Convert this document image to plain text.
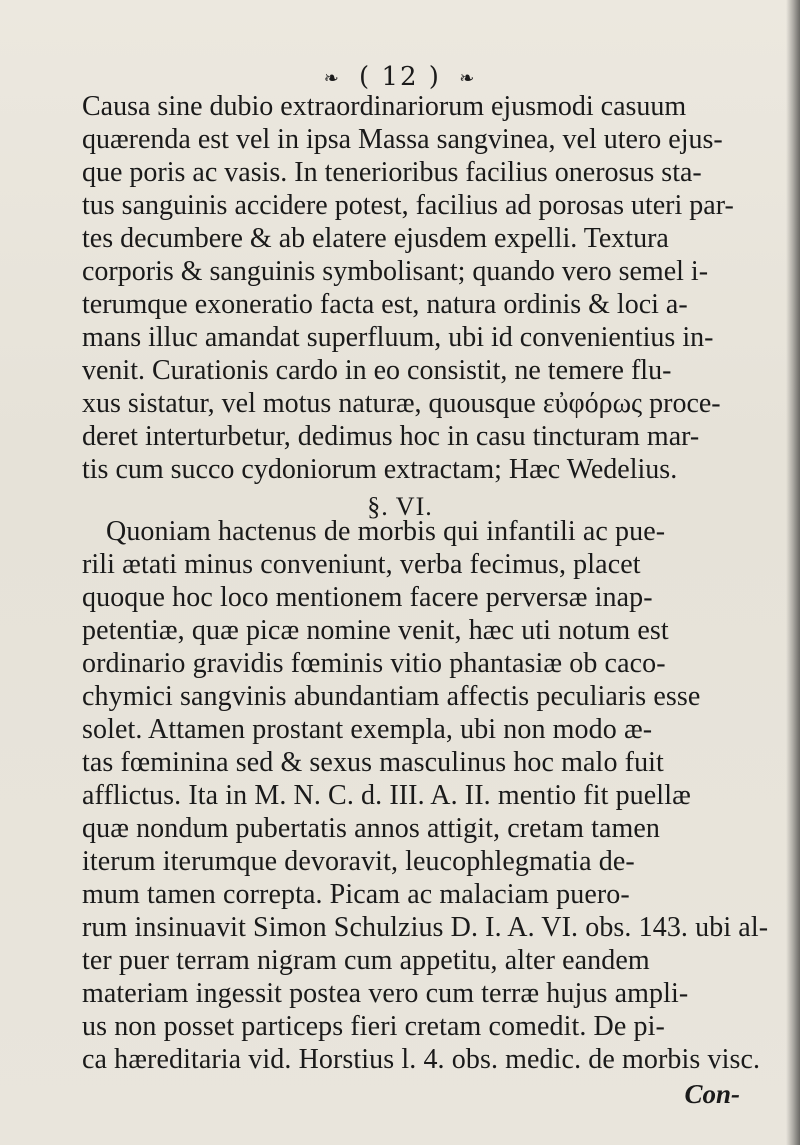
❧ ( 12 ) ❧
Causa sine dubio extraordinariorum ejusmodi casuum
quærenda est vel in ipsa Massa sangvinea, vel utero ejus-
que poris ac vasis. In tenerioribus facilius onerosus sta-
tus sanguinis accidere potest, facilius ad porosas uteri par-
tes decumbere & ab elatere ejusdem expelli. Textura
corporis & sanguinis symbolisant; quando vero semel i-
terumque exoneratio facta est, natura ordinis & loci a-
mans illuc amandat superfluum, ubi id convenientius in-
venit. Curationis cardo in eo consistit, ne temere flu-
xus sistatur, vel motus naturæ, quousque εὐφόρως proce-
deret interturbetur, dedimus hoc in casu tincturam mar-
tis cum succo cydoniorum extractam; Hæc Wedelius.
§. VI.
Quoniam hactenus de morbis qui infantili ac pue-
rili ætati minus conveniunt, verba fecimus, placet
quoque hoc loco mentionem facere perversæ inap-
petentiæ, quæ picæ nomine venit, hæc uti notum est
ordinario gravidis fœminis vitio phantasiæ ob caco-
chymici sangvinis abundantiam affectis peculiaris esse
solet. Attamen prostant exempla, ubi non modo æ-
tas fœminina sed & sexus masculinus hoc malo fuit
afflictus. Ita in M. N. C. d. III. A. II. mentio fit puellæ
quæ nondum pubertatis annos attigit, cretam tamen
iterum iterumque devoravit, leucophlegmatia de-
mum tamen correpta. Picam ac malaciam puero-
rum insinuavit Simon Schulzius D. I. A. VI. obs. 143. ubi al-
ter puer terram nigram cum appetitu, alter eandem
materiam ingessit postea vero cum terræ hujus ampli-
us non posset particeps fieri cretam comedit. De pi-
ca hæreditaria vid. Horstius l. 4. obs. medic. de morbis visc.
Con-
